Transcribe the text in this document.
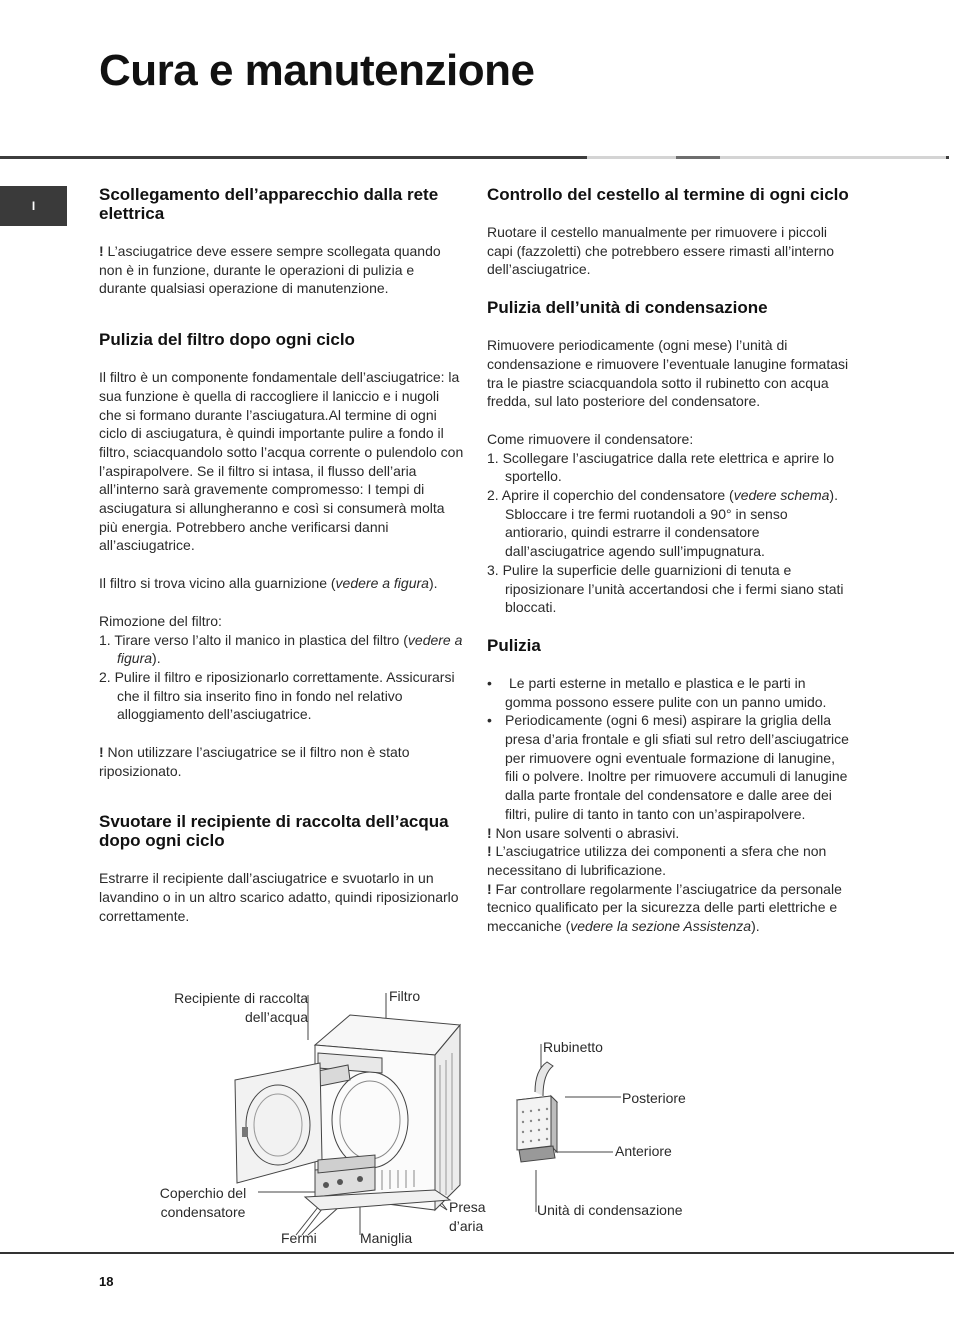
Cura e manutenzione
I
Scollegamento dell’apparecchio dalla rete elettrica

! L’asciugatrice deve essere sempre scollegata quando non è in funzione, durante le operazioni di pulizia e durante qualsiasi operazione di manutenzione.

Pulizia del filtro dopo ogni ciclo

Il filtro è un componente fondamentale dell’asciugatrice: la sua funzione è quella di raccogliere il laniccio e i nugoli che si formano durante l’asciugatura.Al termine di ogni ciclo di asciugatura, è quindi importante pulire a fondo il filtro, sciacquandolo sotto l’acqua corrente o pulendolo con l’aspirapolvere. Se il filtro si intasa, il flusso dell’aria all’interno sarà gravemente compromesso: I tempi di asciugatura si allungheranno e così si consumerà molta più energia. Potrebbero anche verificarsi danni all’asciugatrice.

Il filtro si trova vicino alla guarnizione (vedere a figura).

Rimozione del filtro:

1. Tirare verso l’alto il manico in plastica del filtro (vedere a figura).
2. Pulire il filtro e riposizionarlo correttamente. Assicurarsi che il filtro sia inserito fino in fondo nel relativo alloggiamento dell’asciugatrice.

! Non utilizzare l’asciugatrice se il filtro non è stato riposizionato.

Svuotare il recipiente di raccolta dell’acqua dopo ogni ciclo

Estrarre il recipiente dall’asciugatrice e svuotarlo in un lavandino o in un altro scarico adatto, quindi riposizionarlo correttamente.

Recipiente di raccolta dell’acqua
Filtro
Coperchio del condensatore
Fermi	Maniglia
Presa d’aria
Controllo del cestello al termine di ogni ciclo

Ruotare il cestello manualmente per rimuovere i piccoli capi (fazzoletti) che potrebbero essere rimasti all’interno dell’asciugatrice.

Pulizia dell’unità di condensazione

Rimuovere periodicamente (ogni mese) l’unità di condensazione e rimuovere l’eventuale lanugine formatasi tra le piastre sciacquandola sotto il rubinetto con acqua fredda, sul lato posteriore del condensatore.

Come rimuovere il condensatore:

1. Scollegare l’asciugatrice dalla rete elettrica e aprire lo sportello.
2. Aprire il coperchio del condensatore (vedere schema). Sbloccare i tre fermi ruotandoli a 90° in senso antiorario, quindi estrarre il condensatore dall’asciugatrice agendo sull’impugnatura.
3. Pulire la superficie delle guarnizioni di tenuta e riposizionare l’unità accertandosi che i fermi siano stati bloccati.
Pulizia
• Le parti esterne in metallo e plastica e le parti in gomma possono essere pulite con un panno umido.
• Periodicamente (ogni 6 mesi) aspirare la griglia della presa d’aria frontale e gli sfiati sul retro dell’asciugatrice per rimuovere ogni eventuale formazione di lanugine, fili o polvere. Inoltre per rimuovere accumuli di lanugine dalla parte frontale del condensatore e dalle aree dei filtri, pulire di tanto in tanto con un’aspirapolvere.

! Non usare solventi o abrasivi.

! L’asciugatrice utilizza dei componenti a sfera che non necessitano di lubrificazione.

! Far controllare regolarmente l’asciugatrice da personale tecnico qualificato per la sicurezza delle parti elettriche e meccaniche (vedere la sezione Assistenza).

Rubinetto
Posteriore
Anteriore
Unità di condensazione
18
